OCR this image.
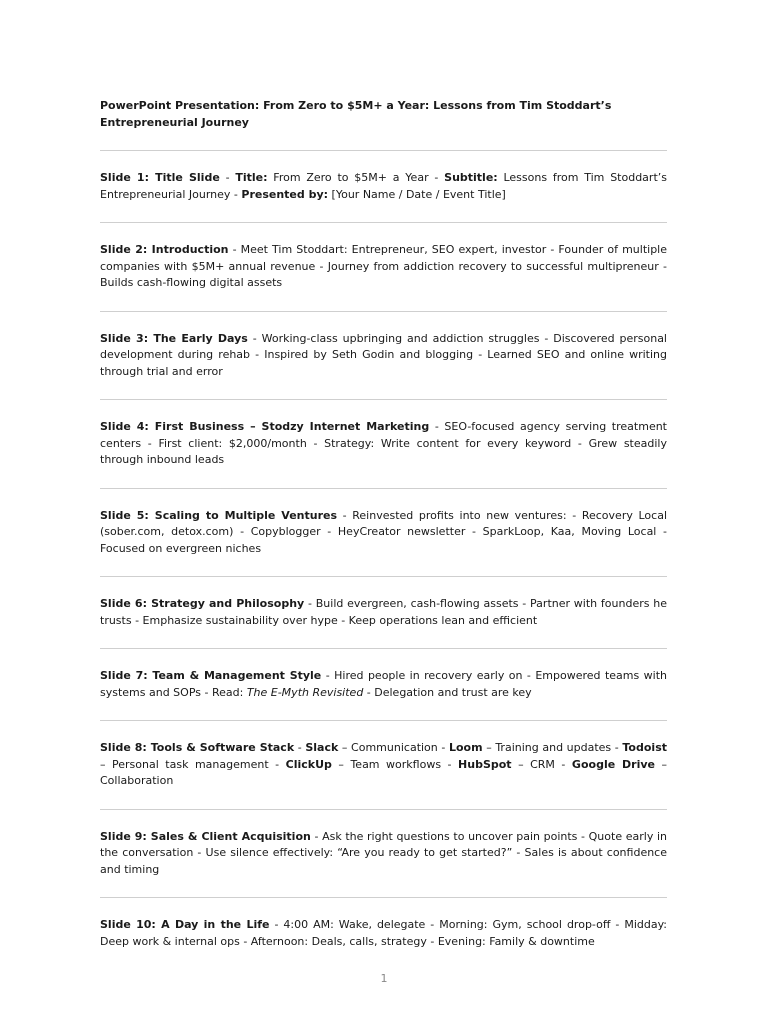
PowerPoint Presentation: From Zero to $5M+ a Year: Lessons from Tim Stoddart’s Entrepreneurial Journey

Slide 1: Title Slide - Title: From Zero to $5M+ a Year - Subtitle: Lessons from Tim Stoddart’s Entrepreneurial Journey - Presented by: [Your Name / Date / Event Title]

Slide 2: Introduction - Meet Tim Stoddart: Entrepreneur, SEO expert, investor - Founder of multiple companies with $5M+ annual revenue - Journey from addiction recovery to successful multipreneur - Builds cash-flowing digital assets

Slide 3: The Early Days - Working-class upbringing and addiction struggles - Discovered personal development during rehab - Inspired by Seth Godin and blogging - Learned SEO and online writing through trial and error

Slide 4: First Business – Stodzy Internet Marketing - SEO-focused agency serving treatment centers - First client: $2,000/month - Strategy: Write content for every keyword - Grew steadily through inbound leads

Slide 5: Scaling to Multiple Ventures - Reinvested profits into new ventures: - Recovery Local (sober.com, detox.com) - Copyblogger - HeyCreator newsletter - SparkLoop, Kaa, Moving Local - Focused on evergreen niches

Slide 6: Strategy and Philosophy - Build evergreen, cash-flowing assets - Partner with founders he trusts - Emphasize sustainability over hype - Keep operations lean and efficient

Slide 7: Team & Management Style - Hired people in recovery early on - Empowered teams with systems and SOPs - Read: The E-Myth Revisited - Delegation and trust are key

Slide 8: Tools & Software Stack - Slack – Communication - Loom – Training and updates - Todoist – Personal task management - ClickUp – Team workflows - HubSpot – CRM - Google Drive – Collaboration

Slide 9: Sales & Client Acquisition - Ask the right questions to uncover pain points - Quote early in the conversation - Use silence effectively: “Are you ready to get started?” - Sales is about confidence and timing

Slide 10: A Day in the Life - 4:00 AM: Wake, delegate - Morning: Gym, school drop-off - Midday: Deep work & internal ops - Afternoon: Deals, calls, strategy - Evening: Family & downtime

1
